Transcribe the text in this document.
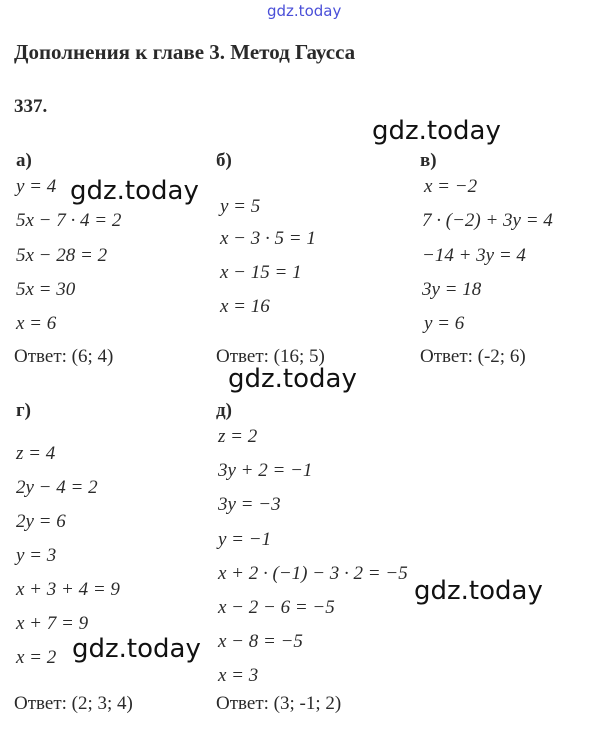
gdz.today
Дополнения к главе 3. Метод Гаусса
337.
а)
y = 4
5x − 7 · 4 = 2
5x − 28 = 2
5x = 30
x = 6
Ответ: (6; 4)
б)
y = 5
x − 3 · 5 = 1
x − 15 = 1
x = 16
Ответ: (16; 5)
в)
x = −2
7 · (−2) + 3y = 4
−14 + 3y = 4
3y = 18
y = 6
Ответ: (-2; 6)
г)
z = 4
2y − 4 = 2
2y = 6
y = 3
x + 3 + 4 = 9
x + 7 = 9
x = 2
Ответ: (2; 3; 4)
д)
z = 2
3y + 2 = −1
3y = −3
y = −1
x + 2 · (−1) − 3 · 2 = −5
x − 2 − 6 = −5
x − 8 = −5
x = 3
Ответ: (3; -1; 2)
gdz.today
gdz.today
gdz.today
gdz.today
gdz.today
